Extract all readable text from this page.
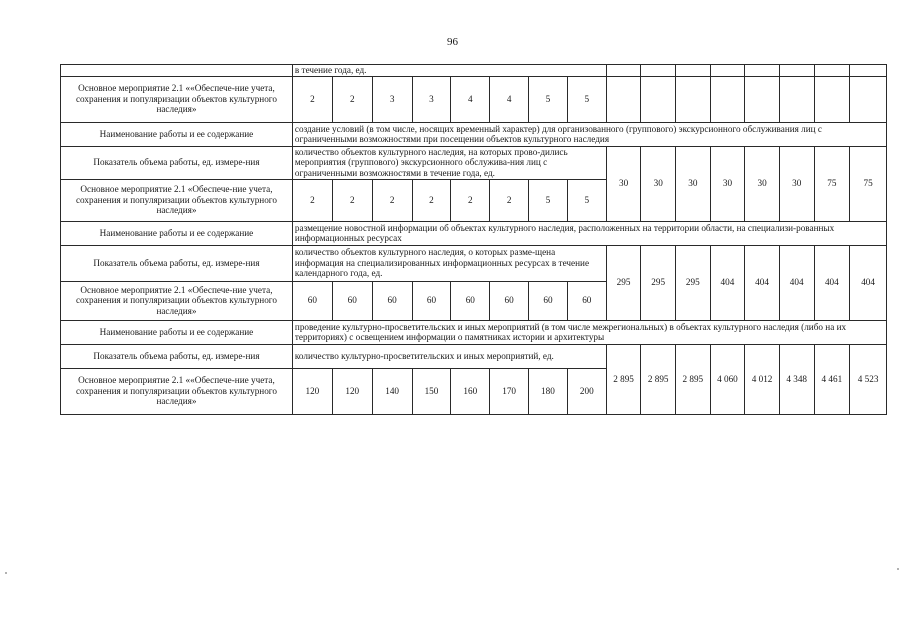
96
	в течение года, ед.															
Основное мероприятие 2.1 ««Обеспече-ние учета, сохранения и популяризации объектов культурного наследия»	2	2	3	3	4	4	5	5								
Наименование работы и ее содержание	создание условий (в том числе, носящих временный характер) для организованного (группового) экскурсионного обслуживания лиц с ограниченными возможностями при посещении объектов культурного наследия															
Показатель объема работы, ед. измере-ния	количество объектов культурного наследия, на которых прово-дились мероприятия (группового) экскурсионного обслужива-ния лиц с ограниченными возможностями в течение года, ед.								30	30	30	30	30	30	75	75
Основное мероприятие 2.1 «Обеспече-ние учета, сохранения и популяризации объектов культурного наследия»	2	2	2	2	2	2	5	5								
Наименование работы и ее содержание	размещение новостной информации об объектах культурного наследия, расположенных на территории области, на специализи-рованных информационных ресурсах															
Показатель объема работы, ед. измере-ния	количество объектов культурного наследия, о которых разме-щена информация на специализированных информационных ресурсах в течение календарного года, ед.								295	295	295	404	404	404	404	404
Основное мероприятие 2.1 «Обеспече-ние учета, сохранения и популяризации объектов культурного наследия»	60	60	60	60	60	60	60	60								
Наименование работы и ее содержание	проведение культурно-просветительских и иных мероприятий (в том числе межрегиональных) в объектах культурного наследия (либо на их территориях) с освещением информации о памятниках истории и архитектуры															
Показатель объема работы, ед. измере-ния	количество культурно-просветительских и иных мероприятий, ед.								2 895	2 895	2 895	4 060	4 012	4 348	4 461	4 523
Основное мероприятие 2.1 ««Обеспече-ние учета, сохранения и популяризации объектов культурного наследия»	120	120	140	150	160	170	180	200								
